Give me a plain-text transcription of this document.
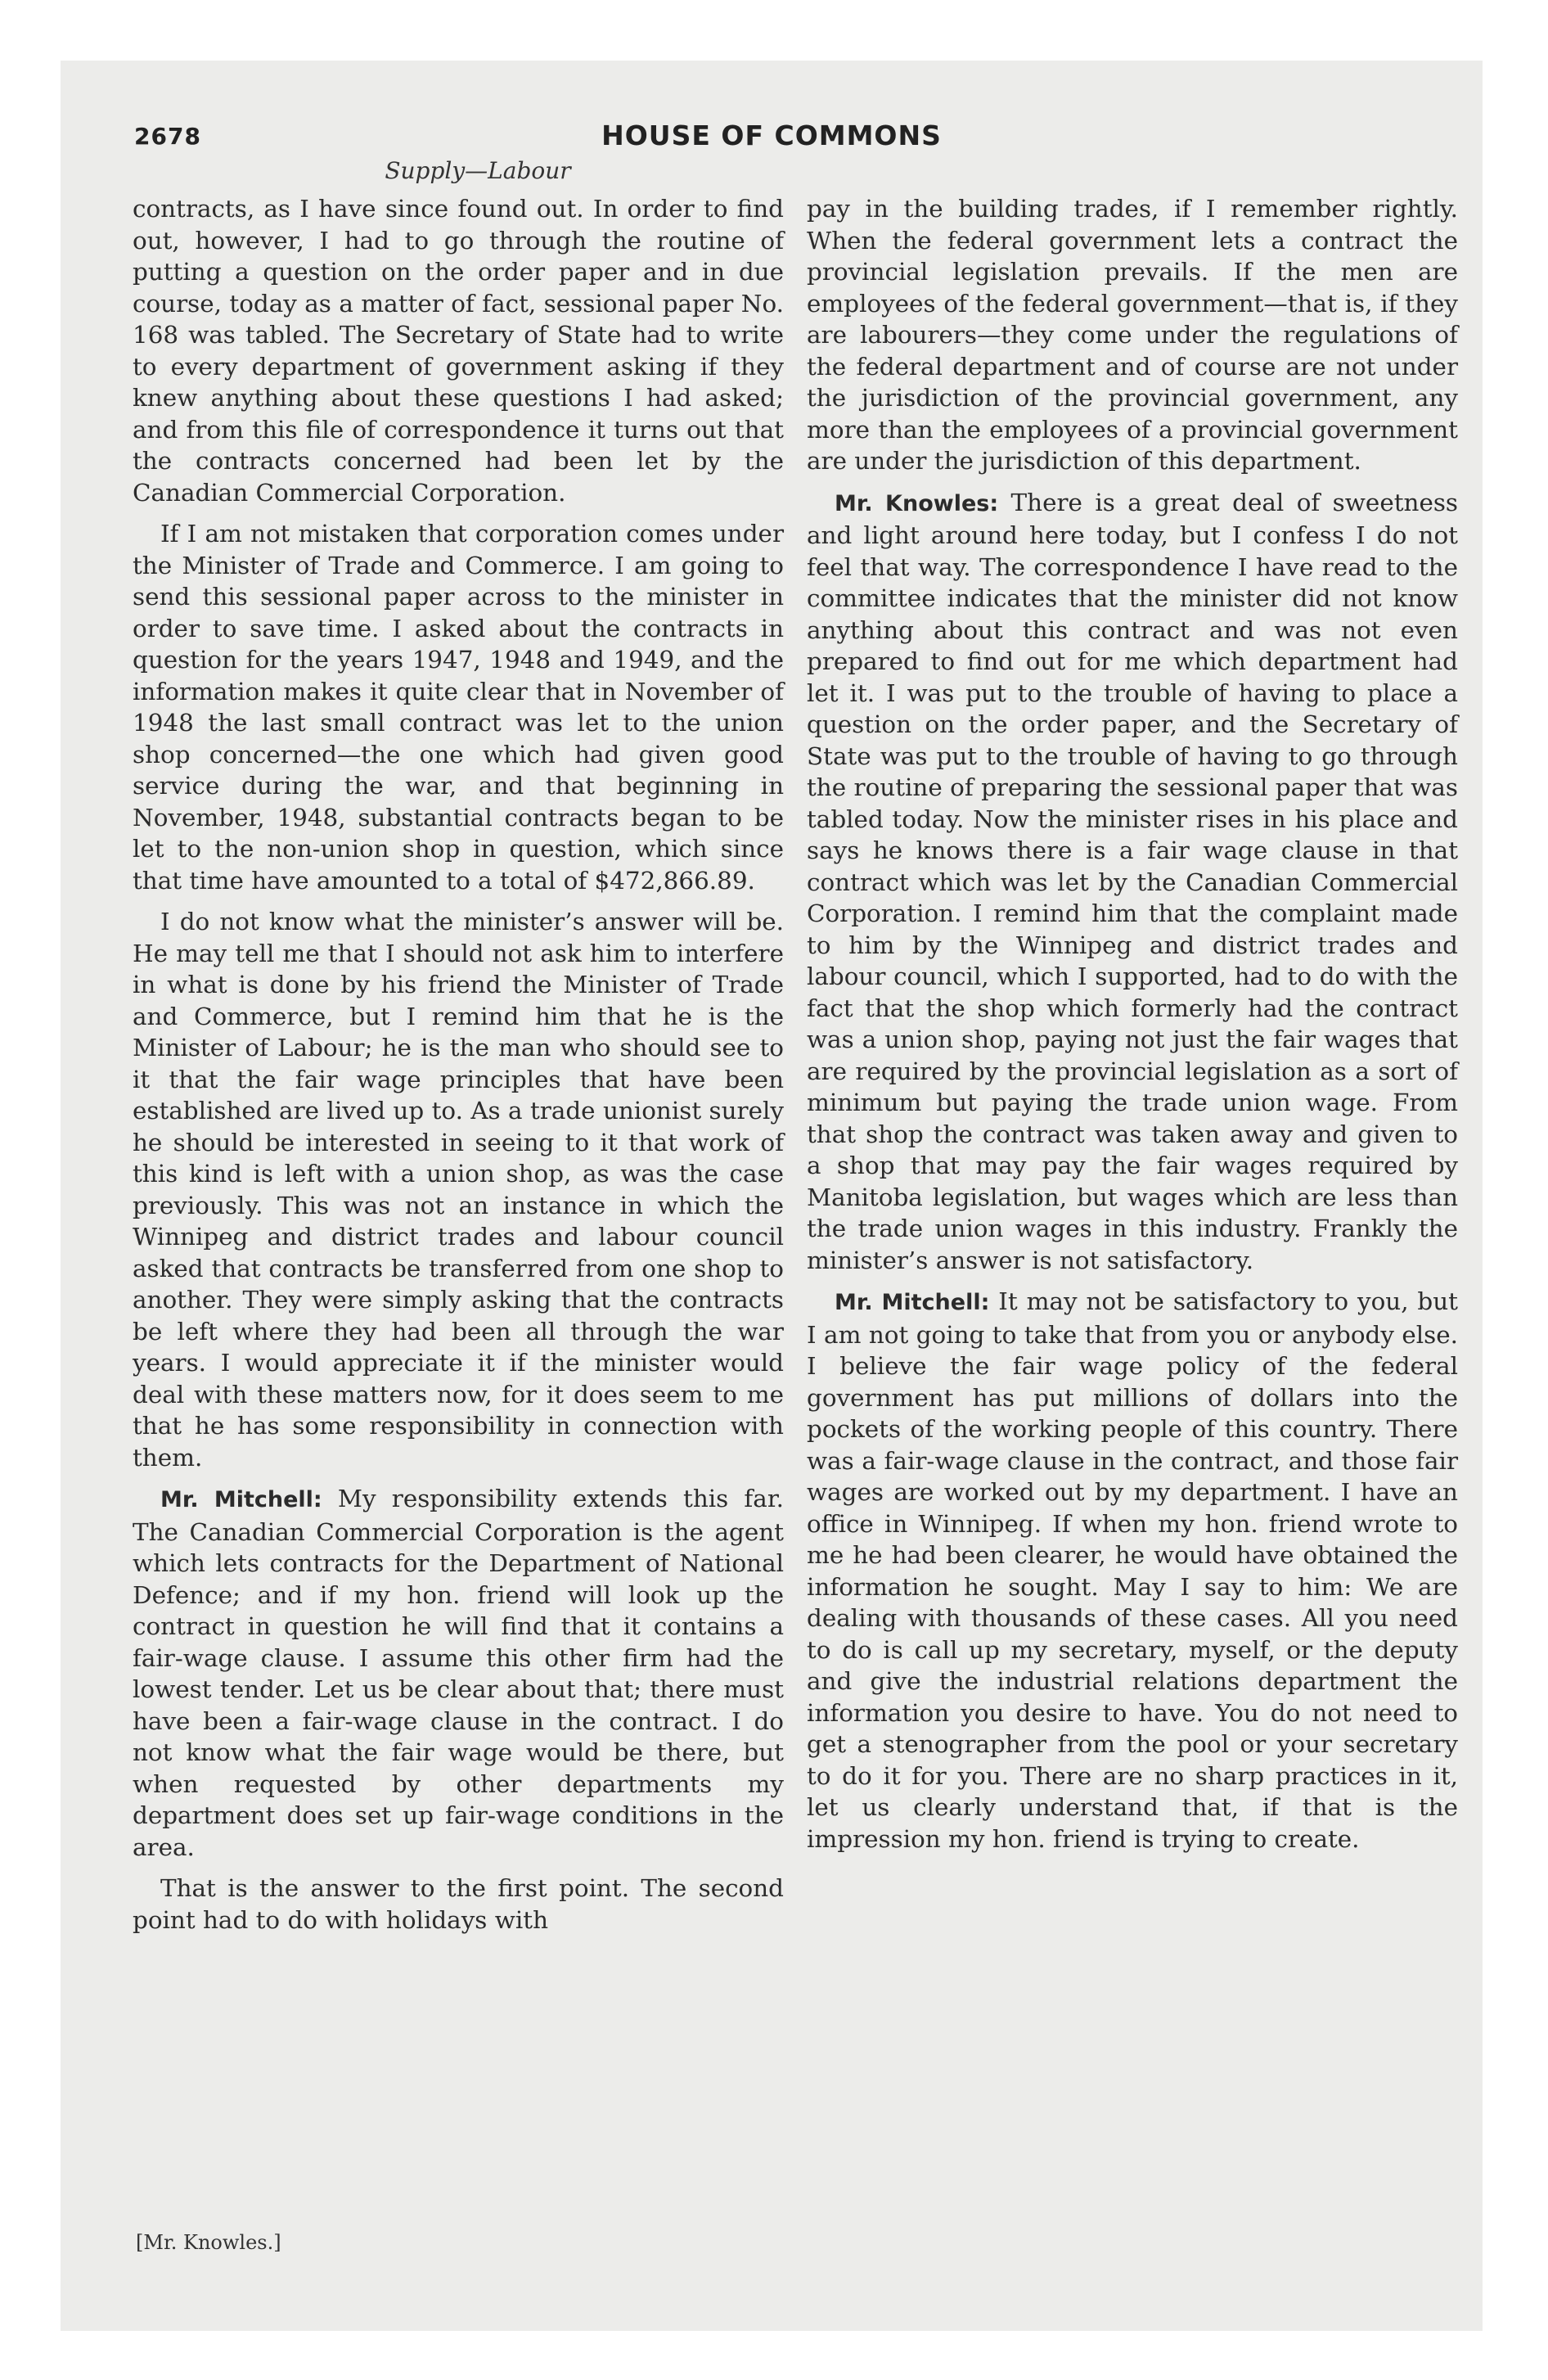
2678	HOUSE OF COMMONS
Supply—Labour

contracts, as I have since found out. In order to find out, however, I had to go through the routine of putting a question on the order paper and in due course, today as a matter of fact, sessional paper No. 168 was tabled. The Secretary of State had to write to every department of government asking if they knew anything about these questions I had asked; and from this file of correspondence it turns out that the contracts concerned had been let by the Canadian Commercial Corporation.

If I am not mistaken that corporation comes under the Minister of Trade and Commerce. I am going to send this sessional paper across to the minister in order to save time. I asked about the contracts in question for the years 1947, 1948 and 1949, and the information makes it quite clear that in November of 1948 the last small contract was let to the union shop concerned—the one which had given good service during the war, and that beginning in November, 1948, substantial contracts began to be let to the non-union shop in question, which since that time have amounted to a total of $472,866.89.

I do not know what the minister’s answer will be. He may tell me that I should not ask him to interfere in what is done by his friend the Minister of Trade and Commerce, but I remind him that he is the Minister of Labour; he is the man who should see to it that the fair wage principles that have been established are lived up to. As a trade unionist surely he should be interested in seeing to it that work of this kind is left with a union shop, as was the case previously. This was not an instance in which the Winnipeg and district trades and labour council asked that contracts be transferred from one shop to another. They were simply asking that the contracts be left where they had been all through the war years. I would appreciate it if the minister would deal with these matters now, for it does seem to me that he has some responsibility in connection with them.

Mr. Mitchell: My responsibility extends this far. The Canadian Commercial Corporation is the agent which lets contracts for the Department of National Defence; and if my hon. friend will look up the contract in question he will find that it contains a fair-wage clause. I assume this other firm had the lowest tender. Let us be clear about that; there must have been a fair-wage clause in the contract. I do not know what the fair wage would be there, but when requested by other departments my department does set up fair-wage conditions in the area.

That is the answer to the first point. The second point had to do with holidays with

pay in the building trades, if I remember rightly. When the federal government lets a contract the provincial legislation prevails. If the men are employees of the federal government—that is, if they are labourers—they come under the regulations of the federal department and of course are not under the jurisdiction of the provincial government, any more than the employees of a provincial government are under the jurisdiction of this department.

Mr. Knowles: There is a great deal of sweetness and light around here today, but I confess I do not feel that way. The correspondence I have read to the committee indicates that the minister did not know anything about this contract and was not even prepared to find out for me which department had let it. I was put to the trouble of having to place a question on the order paper, and the Secretary of State was put to the trouble of having to go through the routine of preparing the sessional paper that was tabled today. Now the minister rises in his place and says he knows there is a fair wage clause in that contract which was let by the Canadian Commercial Corporation. I remind him that the complaint made to him by the Winnipeg and district trades and labour council, which I supported, had to do with the fact that the shop which formerly had the contract was a union shop, paying not just the fair wages that are required by the provincial legislation as a sort of minimum but paying the trade union wage. From that shop the contract was taken away and given to a shop that may pay the fair wages required by Manitoba legislation, but wages which are less than the trade union wages in this industry. Frankly the minister’s answer is not satisfactory.

Mr. Mitchell: It may not be satisfactory to you, but I am not going to take that from you or anybody else. I believe the fair wage policy of the federal government has put millions of dollars into the pockets of the working people of this country. There was a fair-wage clause in the contract, and those fair wages are worked out by my department. I have an office in Winnipeg. If when my hon. friend wrote to me he had been clearer, he would have obtained the information he sought. May I say to him: We are dealing with thousands of these cases. All you need to do is call up my secretary, myself, or the deputy and give the industrial relations department the information you desire to have. You do not need to get a stenographer from the pool or your secretary to do it for you. There are no sharp practices in it, let us clearly understand that, if that is the impression my hon. friend is trying to create.

[Mr. Knowles.]
